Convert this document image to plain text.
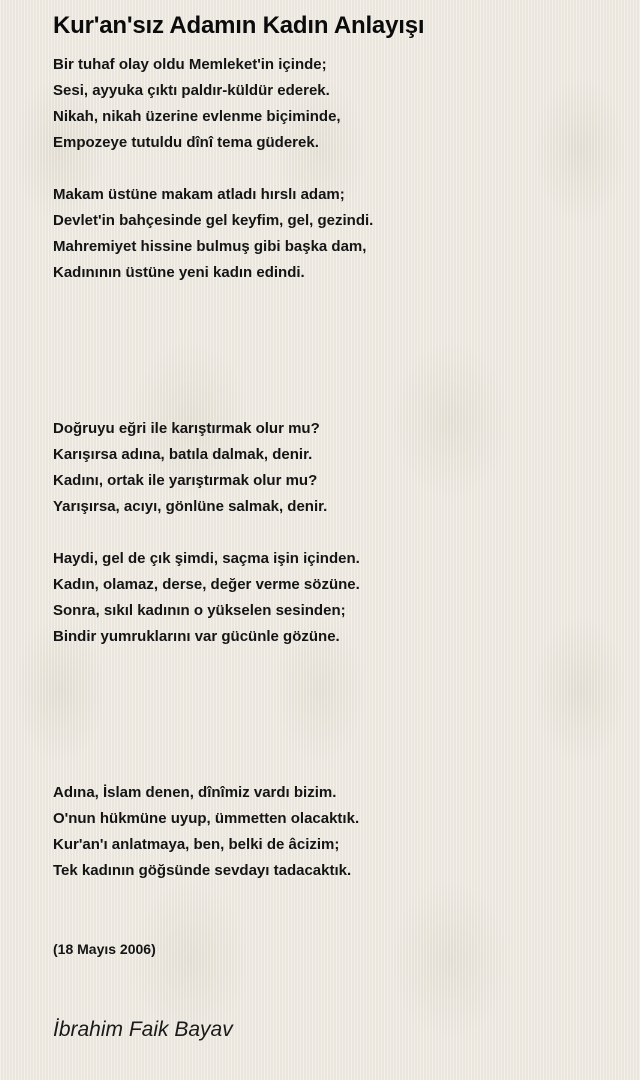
Kur'an'sız Adamın Kadın Anlayışı
Bir tuhaf olay oldu Memleket'in içinde;
Sesi, ayyuka çıktı paldır-küldür ederek.
Nikah, nikah üzerine evlenme biçiminde,
Empozeye tutuldu dînî tema güderek.
Makam üstüne makam atladı hırslı adam;
Devlet'in bahçesinde gel keyfim, gel, gezindi.
Mahremiyet hissine bulmuş gibi başka dam,
Kadınının üstüne yeni kadın edindi.
Doğruyu eğri ile karıştırmak olur mu?
Karışırsa adına, batıla dalmak, denir.
Kadını, ortak ile yarıştırmak olur mu?
Yarışırsa, acıyı, gönlüne salmak, denir.
Haydi, gel de çık şimdi, saçma işin içinden.
Kadın, olamaz, derse, değer verme sözüne.
Sonra, sıkıl kadının o yükselen sesinden;
Bindir yumruklarını var gücünle gözüne.
Adına, İslam denen, dînîmiz vardı bizim.
O'nun hükmüne uyup, ümmetten olacaktık.
Kur'an'ı anlatmaya, ben, belki de âcizim;
Tek kadının göğsünde sevdayı tadacaktık.
(18 Mayıs 2006)
İbrahim Faik Bayav
